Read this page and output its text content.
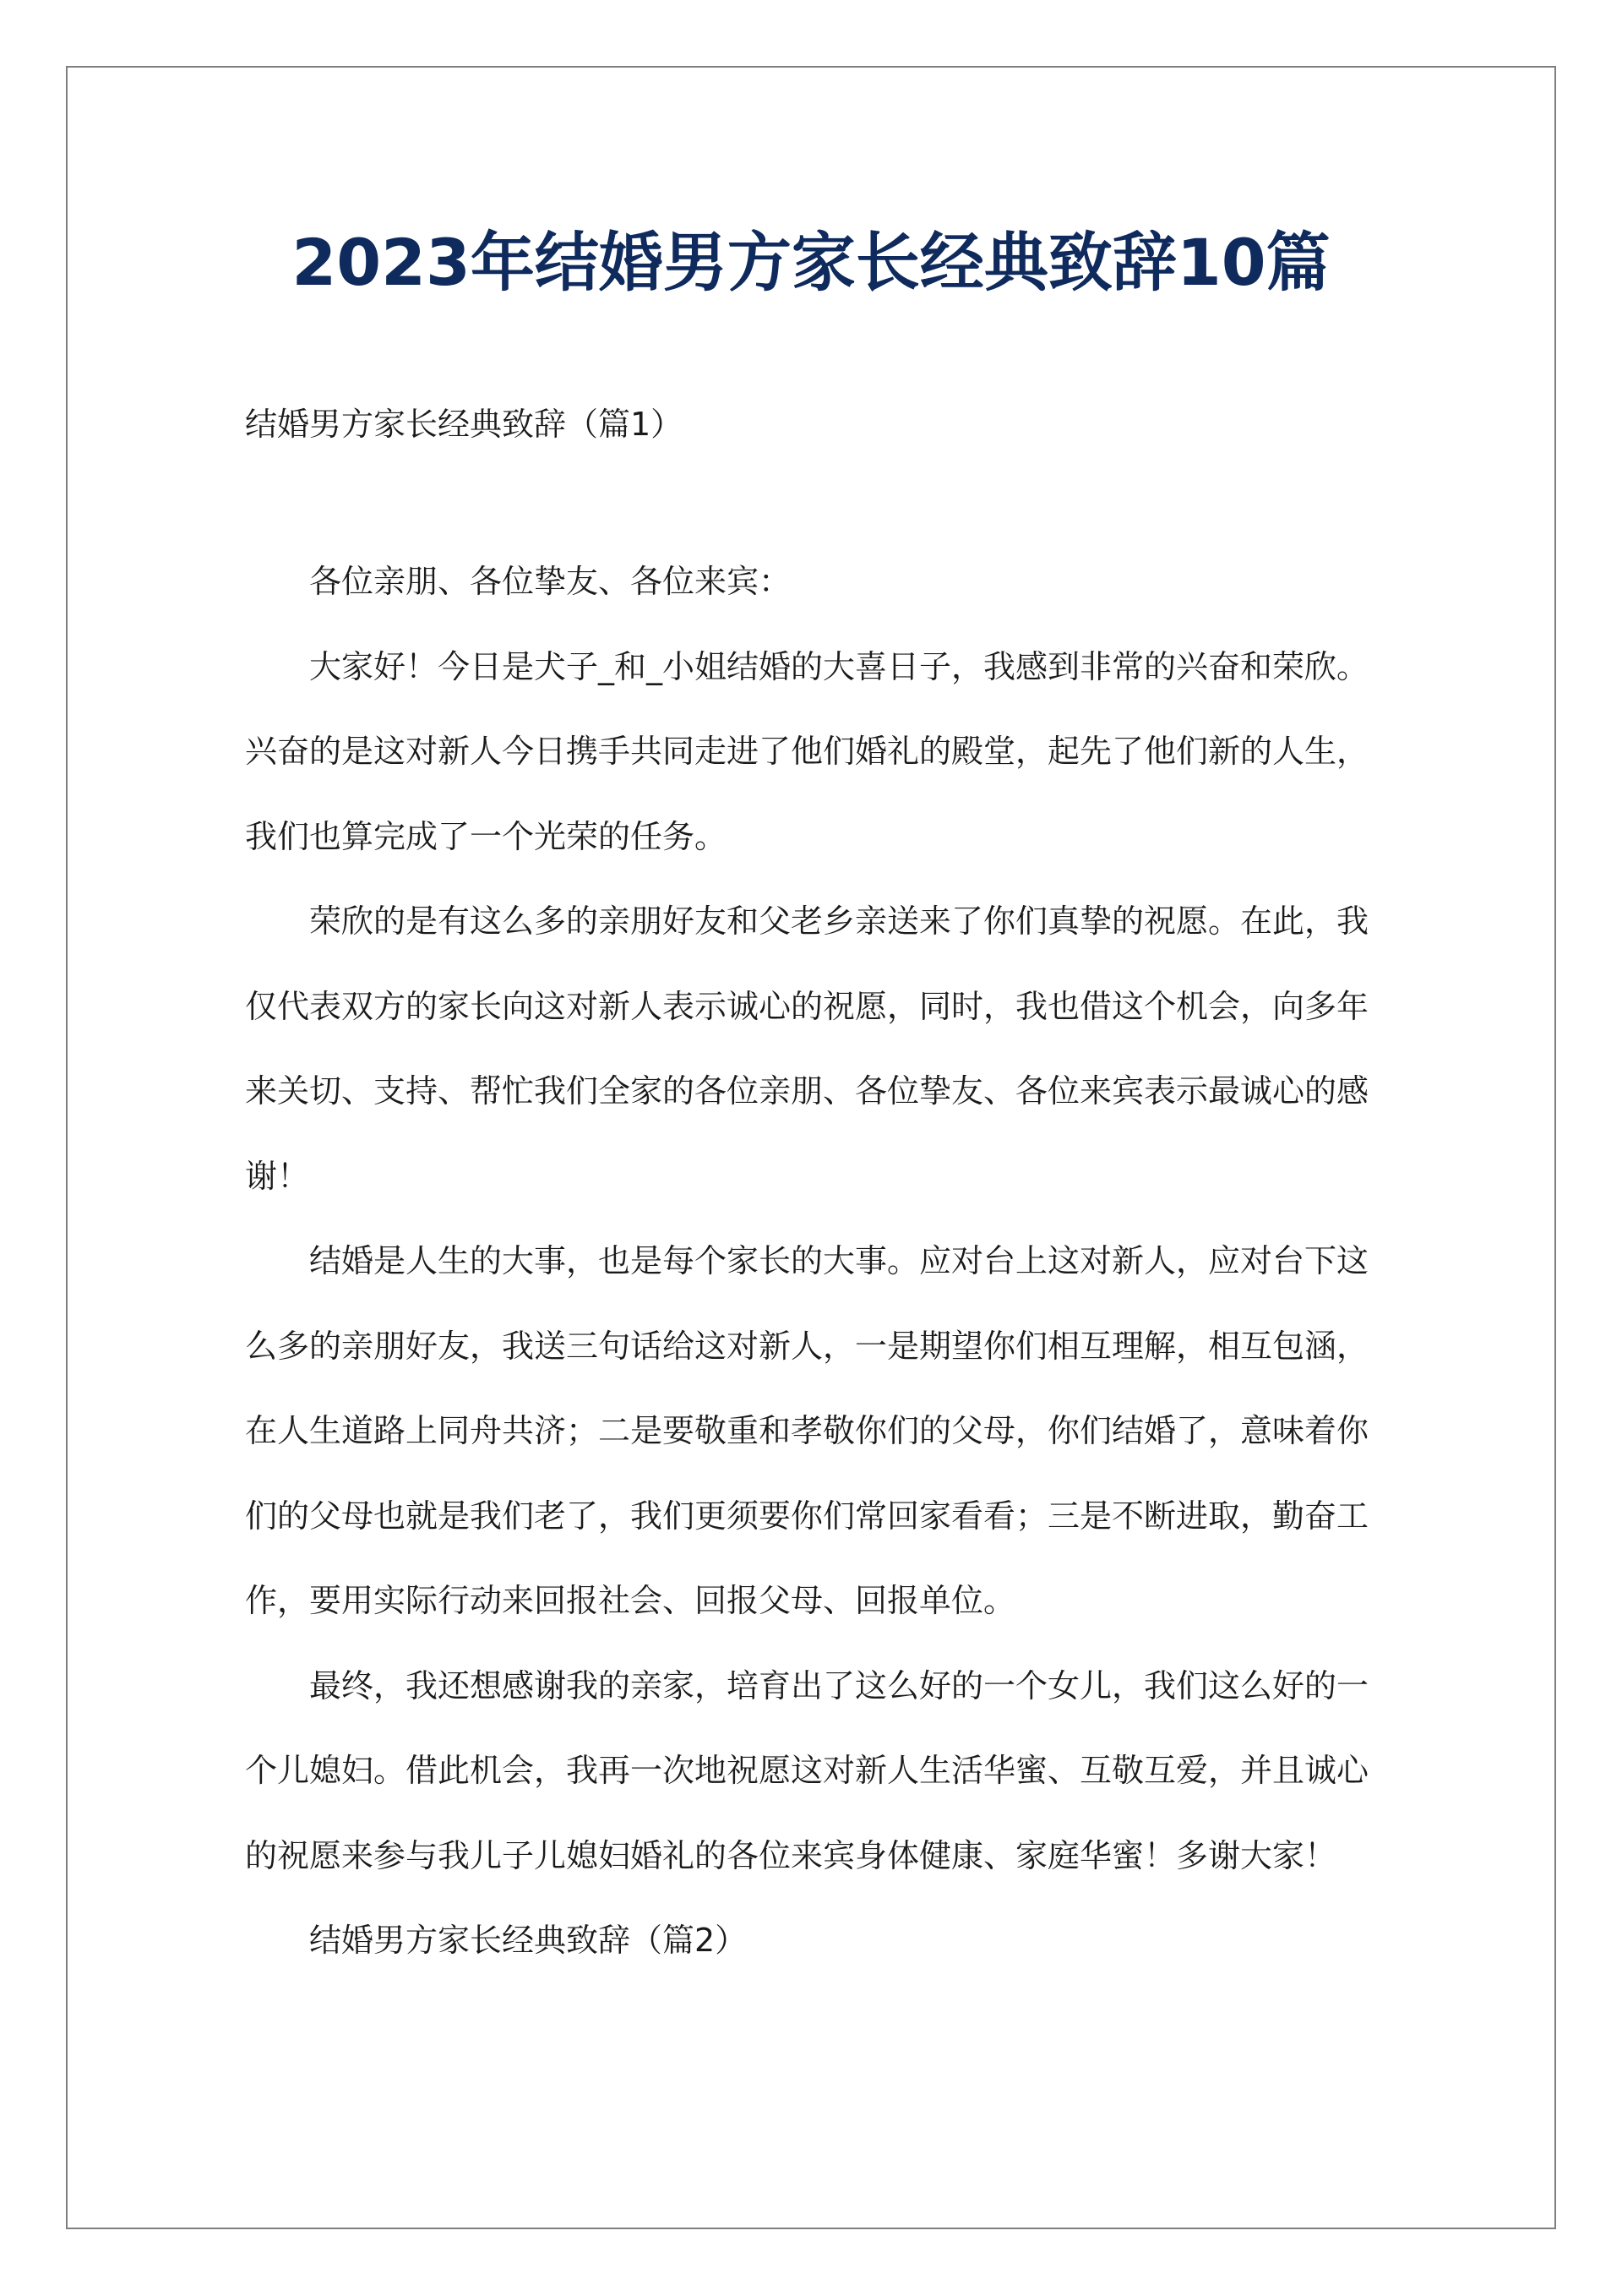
2023年结婚男方家长经典致辞10篇

结婚男方家长经典致辞（篇1）

各位亲朋、各位挚友、各位来宾：

大家好！今日是犬子_和_小姐结婚的大喜日子，我感到非常的兴奋和荣欣。兴奋的是这对新人今日携手共同走进了他们婚礼的殿堂，起先了他们新的人生，我们也算完成了一个光荣的任务。

荣欣的是有这么多的亲朋好友和父老乡亲送来了你们真挚的祝愿。在此，我仅代表双方的家长向这对新人表示诚心的祝愿，同时，我也借这个机会，向多年来关切、支持、帮忙我们全家的各位亲朋、各位挚友、各位来宾表示最诚心的感谢！

结婚是人生的大事，也是每个家长的大事。应对台上这对新人，应对台下这么多的亲朋好友，我送三句话给这对新人，一是期望你们相互理解，相互包涵，在人生道路上同舟共济；二是要敬重和孝敬你们的父母，你们结婚了，意味着你们的父母也就是我们老了，我们更须要你们常回家看看；三是不断进取，勤奋工作，要用实际行动来回报社会、回报父母、回报单位。

最终，我还想感谢我的亲家，培育出了这么好的一个女儿，我们这么好的一个儿媳妇。借此机会，我再一次地祝愿这对新人生活华蜜、互敬互爱，并且诚心的祝愿来参与我儿子儿媳妇婚礼的各位来宾身体健康、家庭华蜜！多谢大家！

结婚男方家长经典致辞（篇2）
